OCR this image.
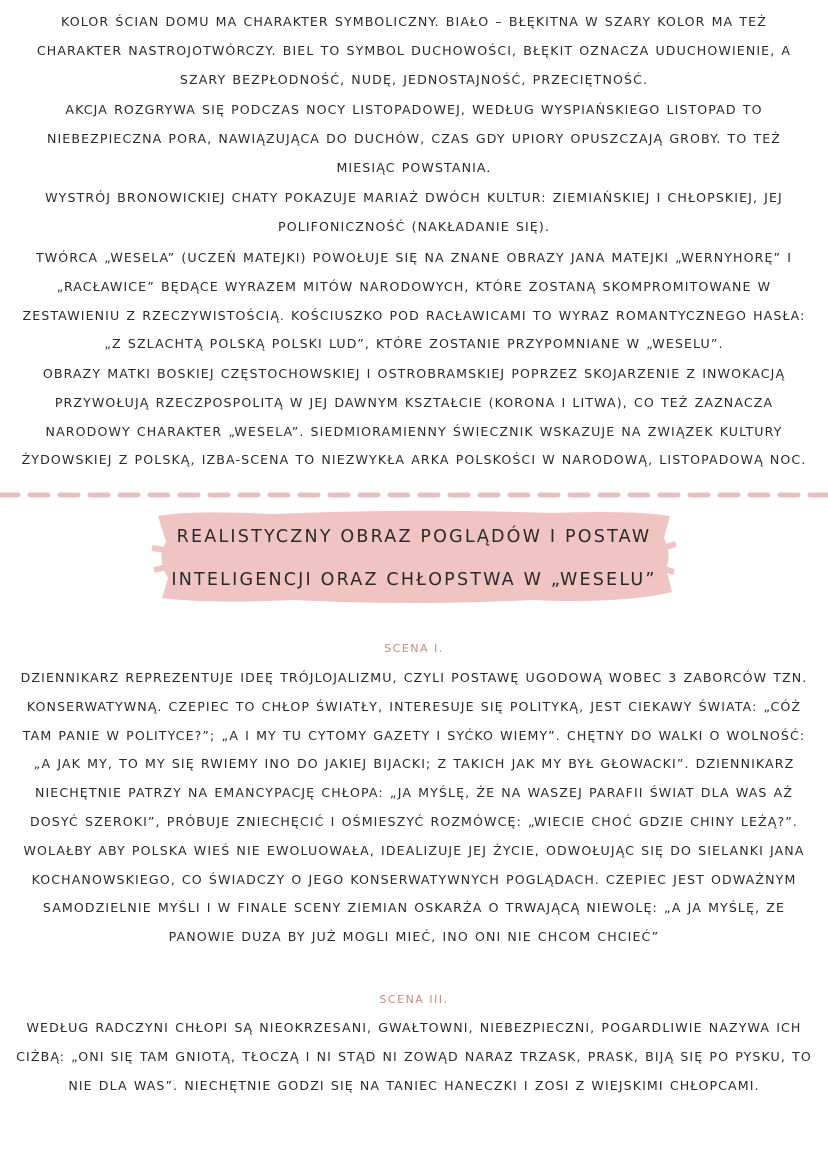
KOLOR ŚCIAN DOMU MA CHARAKTER SYMBOLICZNY. BIAŁO – BŁĘKITNA W SZARY KOLOR MA TEŻ CHARAKTER NASTROJOTWÓRCZY. BIEL TO SYMBOL DUCHOWOŚCI, BŁĘKIT OZNACZA UDUCHOWIENIE, A SZARY BEZPŁODNOŚĆ, NUDĘ, JEDNOSTAJNOŚĆ, PRZECIĘTNOŚĆ.

AKCJA ROZGRYWA SIĘ PODCZAS NOCY LISTOPADOWEJ, WEDŁUG WYSPIAŃSKIEGO LISTOPAD TO NIEBEZPIECZNA PORA, NAWIĄZUJĄCA DO DUCHÓW, CZAS GDY UPIORY OPUSZCZAJĄ GROBY. TO TEŻ MIESIĄC POWSTANIA.

WYSTRÓJ BRONOWICKIEJ CHATY POKAZUJE MARIAŻ DWÓCH KULTUR: ZIEMIAŃSKIEJ I CHŁOPSKIEJ, JEJ POLIFONICZNOŚĆ (NAKŁADANIE SIĘ).

TWÓRCA „WESELA” (UCZEŃ MATEJKI) POWOŁUJE SIĘ NA ZNANE OBRAZY JANA MATEJKI „WERNYHORĘ” I „RACŁAWICE” BĘDĄCE WYRAZEM MITÓW NARODOWYCH, KTÓRE ZOSTANĄ SKOMPROMITOWANE W ZESTAWIENIU Z RZECZYWISTOŚCIĄ. KOŚCIUSZKO POD RACŁAWICAMI TO WYRAZ ROMANTYCZNEGO HASŁA: „Z SZLACHTĄ POLSKĄ POLSKI LUD”, KTÓRE ZOSTANIE PRZYPOMNIANE W „WESELU”.

OBRAZY MATKI BOSKIEJ CZĘSTOCHOWSKIEJ I OSTROBRAMSKIEJ POPRZEZ SKOJARZENIE Z INWOKACJĄ PRZYWOŁUJĄ RZECZPOSPOLITĄ W JEJ DAWNYM KSZTAŁCIE (KORONA I LITWA), CO TEŻ ZAZNACZA NARODOWY CHARAKTER „WESELA”. SIEDMIORAMIENNY ŚWIECZNIK WSKAZUJE NA ZWIĄZEK KULTURY ŻYDOWSKIEJ Z POLSKĄ, IZBA-SCENA TO NIEZWYKŁA ARKA POLSKOŚCI W NARODOWĄ, LISTOPADOWĄ NOC.

REALISTYCZNY OBRAZ POGLĄDÓW I POSTAW

INTELIGENCJI ORAZ CHŁOPSTWA W „WESELU”

SCENA I.

DZIENNIKARZ REPREZENTUJE IDEĘ TRÓJLOJALIZMU, CZYLI POSTAWĘ UGODOWĄ WOBEC 3 ZABORCÓW TZN. KONSERWATYWNĄ. CZEPIEC TO CHŁOP ŚWIATŁY, INTERESUJE SIĘ POLITYKĄ, JEST CIEKAWY ŚWIATA: „CÓŻ TAM PANIE W POLITYCE?”; „A I MY TU CYTOMY GAZETY I SYĆKO WIEMY”. CHĘTNY DO WALKI O WOLNOŚĆ: „A JAK MY, TO MY SIĘ RWIEMY INO DO JAKIEJ BIJACKI; Z TAKICH JAK MY BYŁ GŁOWACKI”. DZIENNIKARZ NIECHĘTNIE PATRZY NA EMANCYPACJĘ CHŁOPA: „JA MYŚLĘ, ŻE NA WASZEJ PARAFII ŚWIAT DLA WAS AŻ DOSYĆ SZEROKI”, PRÓBUJE ZNIECHĘCIĆ I OŚMIESZYĆ ROZMÓWCĘ: „WIECIE CHOĆ GDZIE CHINY LEŻĄ?”. WOLAŁBY ABY POLSKA WIEŚ NIE EWOLUOWAŁA, IDEALIZUJE JEJ ŻYCIE, ODWOŁUJĄC SIĘ DO SIELANKI JANA KOCHANOWSKIEGO, CO ŚWIADCZY O JEGO KONSERWATYWNYCH POGLĄDACH. CZEPIEC JEST ODWAŻNYM SAMODZIELNIE MYŚLI I W FINALE SCENY ZIEMIAN OSKARŻA O TRWAJĄCĄ NIEWOLĘ: „A JA MYŚLĘ, ZE PANOWIE DUZA BY JUŻ MOGLI MIEĆ, INO ONI NIE CHCOM CHCIEĆ”

SCENA III.

WEDŁUG RADCZYNI CHŁOPI SĄ NIEOKRZESANI, GWAŁTOWNI, NIEBEZPIECZNI, POGARDLIWIE NAZYWA ICH CIŻBĄ: „ONI SIĘ TAM GNIOTĄ, TŁOCZĄ I NI STĄD NI ZOWĄD NARAZ TRZASK, PRASK, BIJĄ SIĘ PO PYSKU, TO NIE DLA WAS”. NIECHĘTNIE GODZI SIĘ NA TANIEC HANECZKI I ZOSI Z WIEJSKIMI CHŁOPCAMI.
